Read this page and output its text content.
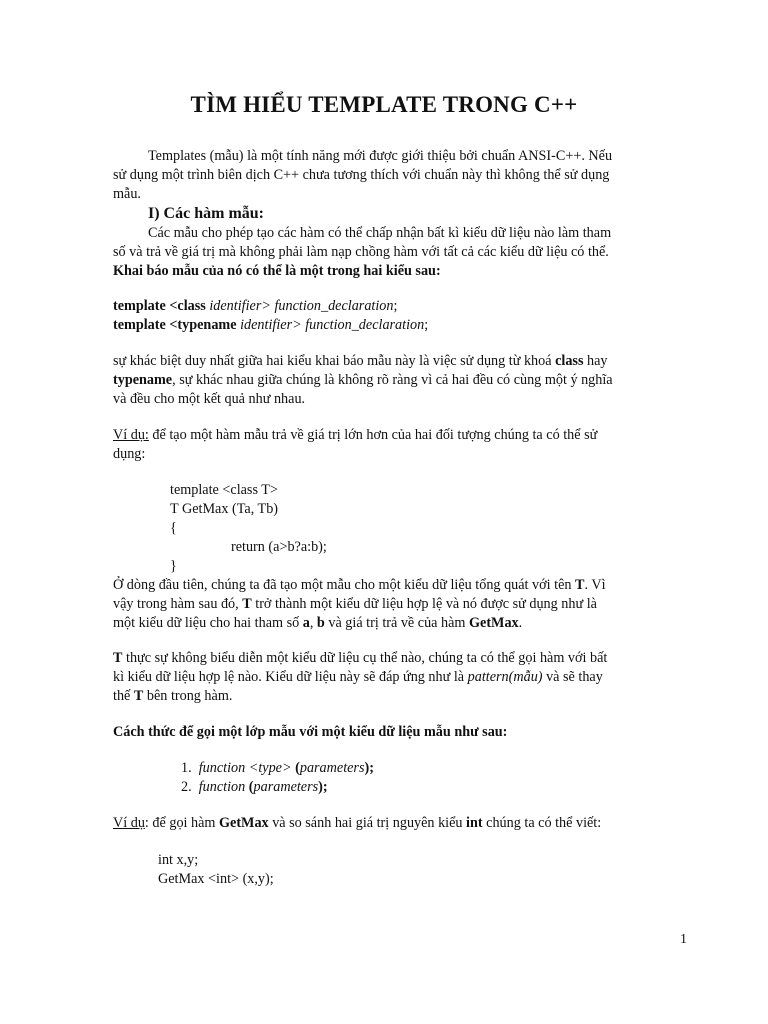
TÌM HIỂU TEMPLATE TRONG C++
Templates (mẫu) là một tính năng mới được giới thiệu bởi chuẩn ANSI-C++. Nếu
sử dụng một trình biên dịch C++ chưa tương thích với chuẩn này thì không thể sử dụng
mẫu.
I) Các hàm mẫu:
Các mẫu cho phép tạo các hàm có thể chấp nhận bất kì kiểu dữ liệu nào làm tham
số và trả về giá trị mà không phải làm nạp chồng hàm với tất cả các kiểu dữ liệu có thể.
Khai báo mẫu của nó có thể là một trong hai kiểu sau:
template <class identifier> function_declaration;
template <typename identifier> function_declaration;
sự khác biệt duy nhất giữa hai kiểu khai báo mẫu này là việc sử dụng từ khoá class hay
typename, sự khác nhau giữa chúng là không rõ ràng vì cả hai đều có cùng một ý nghĩa
và đều cho một kết quả như nhau.
Ví dụ: để tạo một hàm mẫu trả về giá trị lớn hơn của hai đối tượng chúng ta có thể sử
dụng:
template <class T>
T GetMax (Ta, Tb)
{
return (a>b?a:b);
}
Ở dòng đầu tiên, chúng ta đã tạo một mẫu cho một kiểu dữ liệu tổng quát với tên T. Vì
vậy trong hàm sau đó, T trở thành một kiểu dữ liệu hợp lệ và nó được sử dụng như là
một kiểu dữ liệu cho hai tham số a, b và giá trị trả về của hàm GetMax.
T thực sự không biểu diễn một kiểu dữ liệu cụ thể nào, chúng ta có thể gọi hàm với bất
kì kiểu dữ liệu hợp lệ nào. Kiểu dữ liệu này sẽ đáp ứng như là pattern(mẫu) và sẽ thay
thế T bên trong hàm.
Cách thức để gọi một lớp mẫu với một kiểu dữ liệu mẫu như sau:
1. function <type> (parameters);
2. function (parameters);
Ví dụ: để gọi hàm GetMax và so sánh hai giá trị nguyên kiểu int chúng ta có thể viết:
int x,y;
GetMax <int> (x,y);
1
